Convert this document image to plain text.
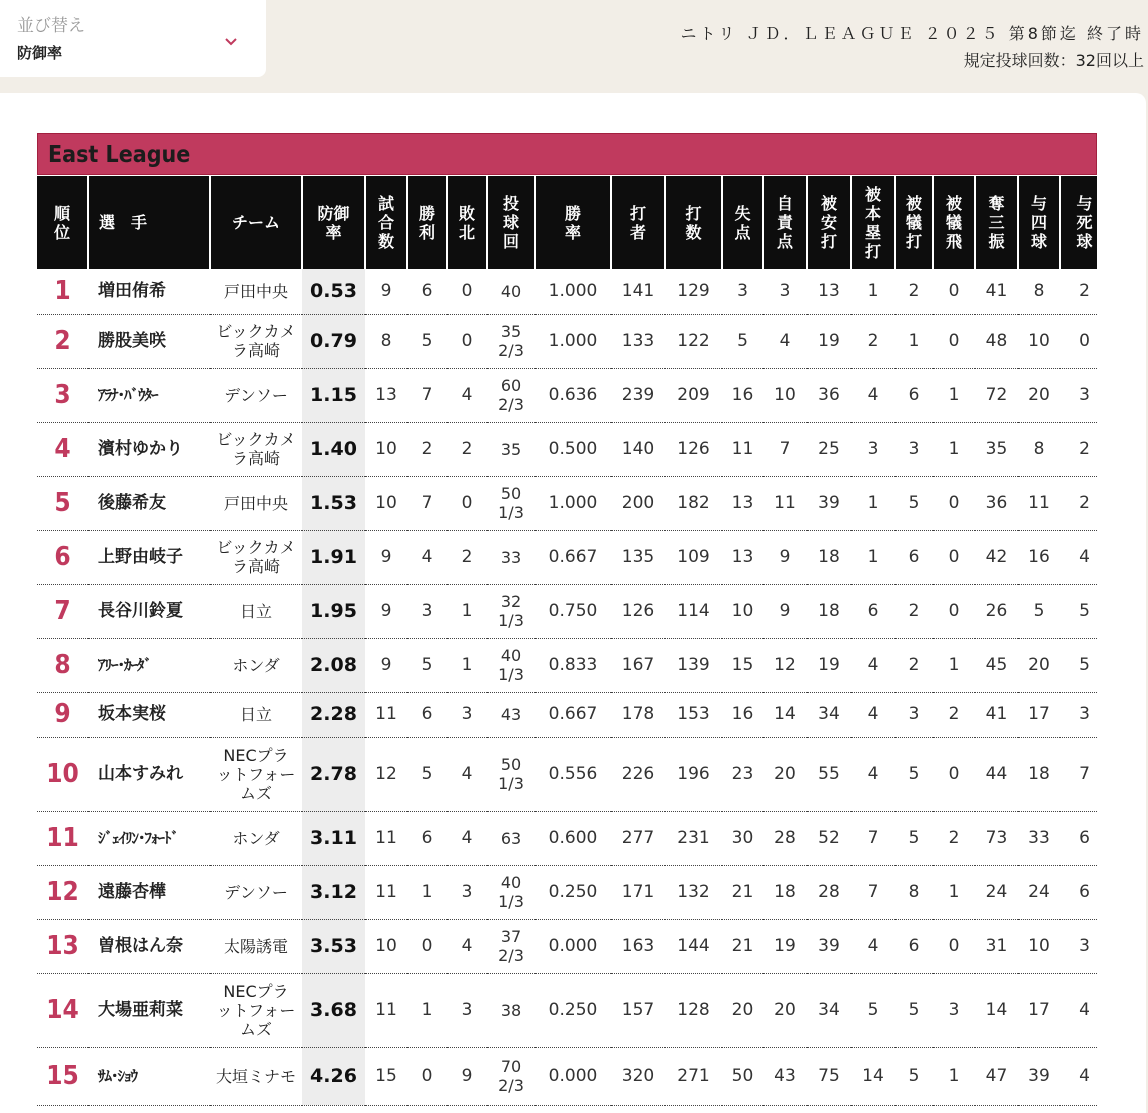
並び替え
防御率
ニトリ ＪＤ．ＬＥＡＧＵＥ ２０２５ 第8節迄 終了時
規定投球回数：32回以上
East League
順位	選　手	チーム	防御率	試合数	勝利	敗北	投球回	勝率	打者	打数	失点	自責点	被安打	被本塁打	被犠打	被犠飛	奪三振	与四球	与死球
1	増田侑希	戸田中央	0.53	9	6	0	40	1.000	141	129	3	3	13	1	2	0	41	8	2
2	勝股美咲	ビックカメラ高崎	0.79	8	5	0	35 2/3	1.000	133	122	5	4	19	2	1	0	48	10	0
3	ｱﾗﾅ･ﾊﾞｳﾀｰ	デンソー	1.15	13	7	4	60 2/3	0.636	239	209	16	10	36	4	6	1	72	20	3
4	濱村ゆかり	ビックカメラ高崎	1.40	10	2	2	35	0.500	140	126	11	7	25	3	3	1	35	8	2
5	後藤希友	戸田中央	1.53	10	7	0	50 1/3	1.000	200	182	13	11	39	1	5	0	36	11	2
6	上野由岐子	ビックカメラ高崎	1.91	9	4	2	33	0.667	135	109	13	9	18	1	6	0	42	16	4
7	長谷川鈴夏	日立	1.95	9	3	1	32 1/3	0.750	126	114	10	9	18	6	2	0	26	5	5
8	ｱﾘｰ･ｶｰﾀﾞ	ホンダ	2.08	9	5	1	40 1/3	0.833	167	139	15	12	19	4	2	1	45	20	5
9	坂本実桜	日立	2.28	11	6	3	43	0.667	178	153	16	14	34	4	3	2	41	17	3
10	山本すみれ	NECプラットフォームズ	2.78	12	5	4	50 1/3	0.556	226	196	23	20	55	4	5	0	44	18	7
11	ｼﾞｪｲﾘﾝ･ﾌｫｰﾄﾞ	ホンダ	3.11	11	6	4	63	0.600	277	231	30	28	52	7	5	2	73	33	6
12	遠藤杏樺	デンソー	3.12	11	1	3	40 1/3	0.250	171	132	21	18	28	7	8	1	24	24	6
13	曽根はん奈	太陽誘電	3.53	10	0	4	37 2/3	0.000	163	144	21	19	39	4	6	0	31	10	3
14	大場亜莉菜	NECプラットフォームズ	3.68	11	1	3	38	0.250	157	128	20	20	34	5	5	3	14	17	4
15	ｻﾑ･ｼｮｳ	大垣ミナモ	4.26	15	0	9	70 2/3	0.000	320	271	50	43	75	14	5	1	47	39	4
